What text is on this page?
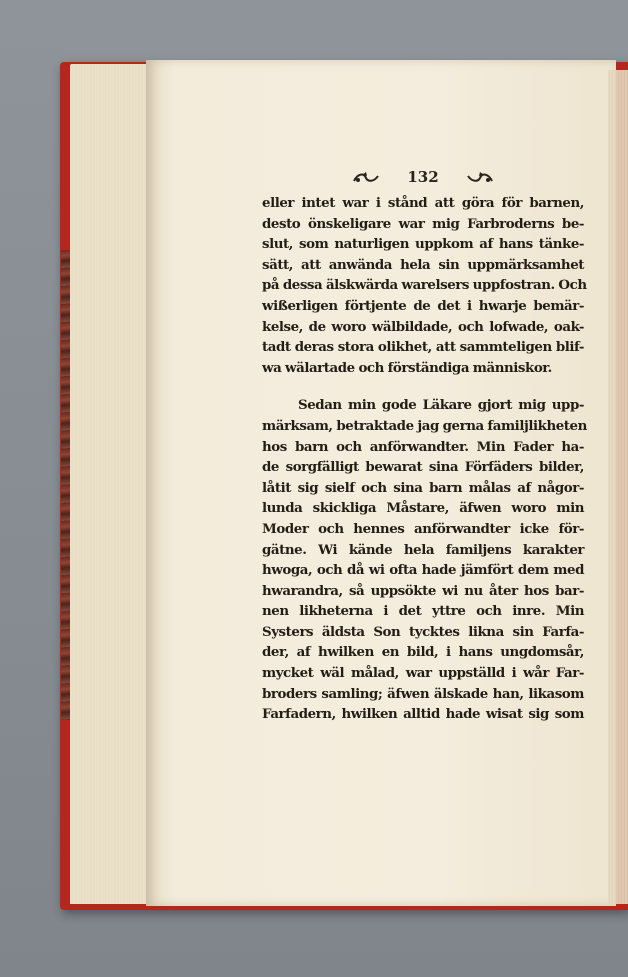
132
eller intet war i stånd att göra för barnen,
desto önskeligare war mig Farbroderns be-
slut, som naturligen uppkom af hans tänke-
sätt, att anwända hela sin uppmärksamhet
på dessa älskwärda warelsers uppfostran. Och
wißerligen förtjente de det i hwarje bemär-
kelse, de woro wälbildade, och lofwade, oak-
tadt deras stora olikhet, att sammteligen blif-
wa wälartade och förständiga människor.
Sedan min gode Läkare gjort mig upp-
märksam, betraktade jag gerna familjlikheten
hos barn och anförwandter. Min Fader ha-
de sorgfälligt bewarat sina Förfäders bilder,
låtit sig sielf och sina barn målas af någor-
lunda skickliga Måstare, äfwen woro min
Moder och hennes anförwandter icke för-
gätne. Wi kände hela familjens karakter
hwoga, och då wi ofta hade jämfört dem med
hwarandra, så uppsökte wi nu åter hos bar-
nen likheterna i det yttre och inre. Min
Systers äldsta Son tycktes likna sin Farfa-
der, af hwilken en bild, i hans ungdomsår,
mycket wäl målad, war uppställd i wår Far-
broders samling; äfwen älskade han, likasom
Farfadern, hwilken alltid hade wisat sig som
